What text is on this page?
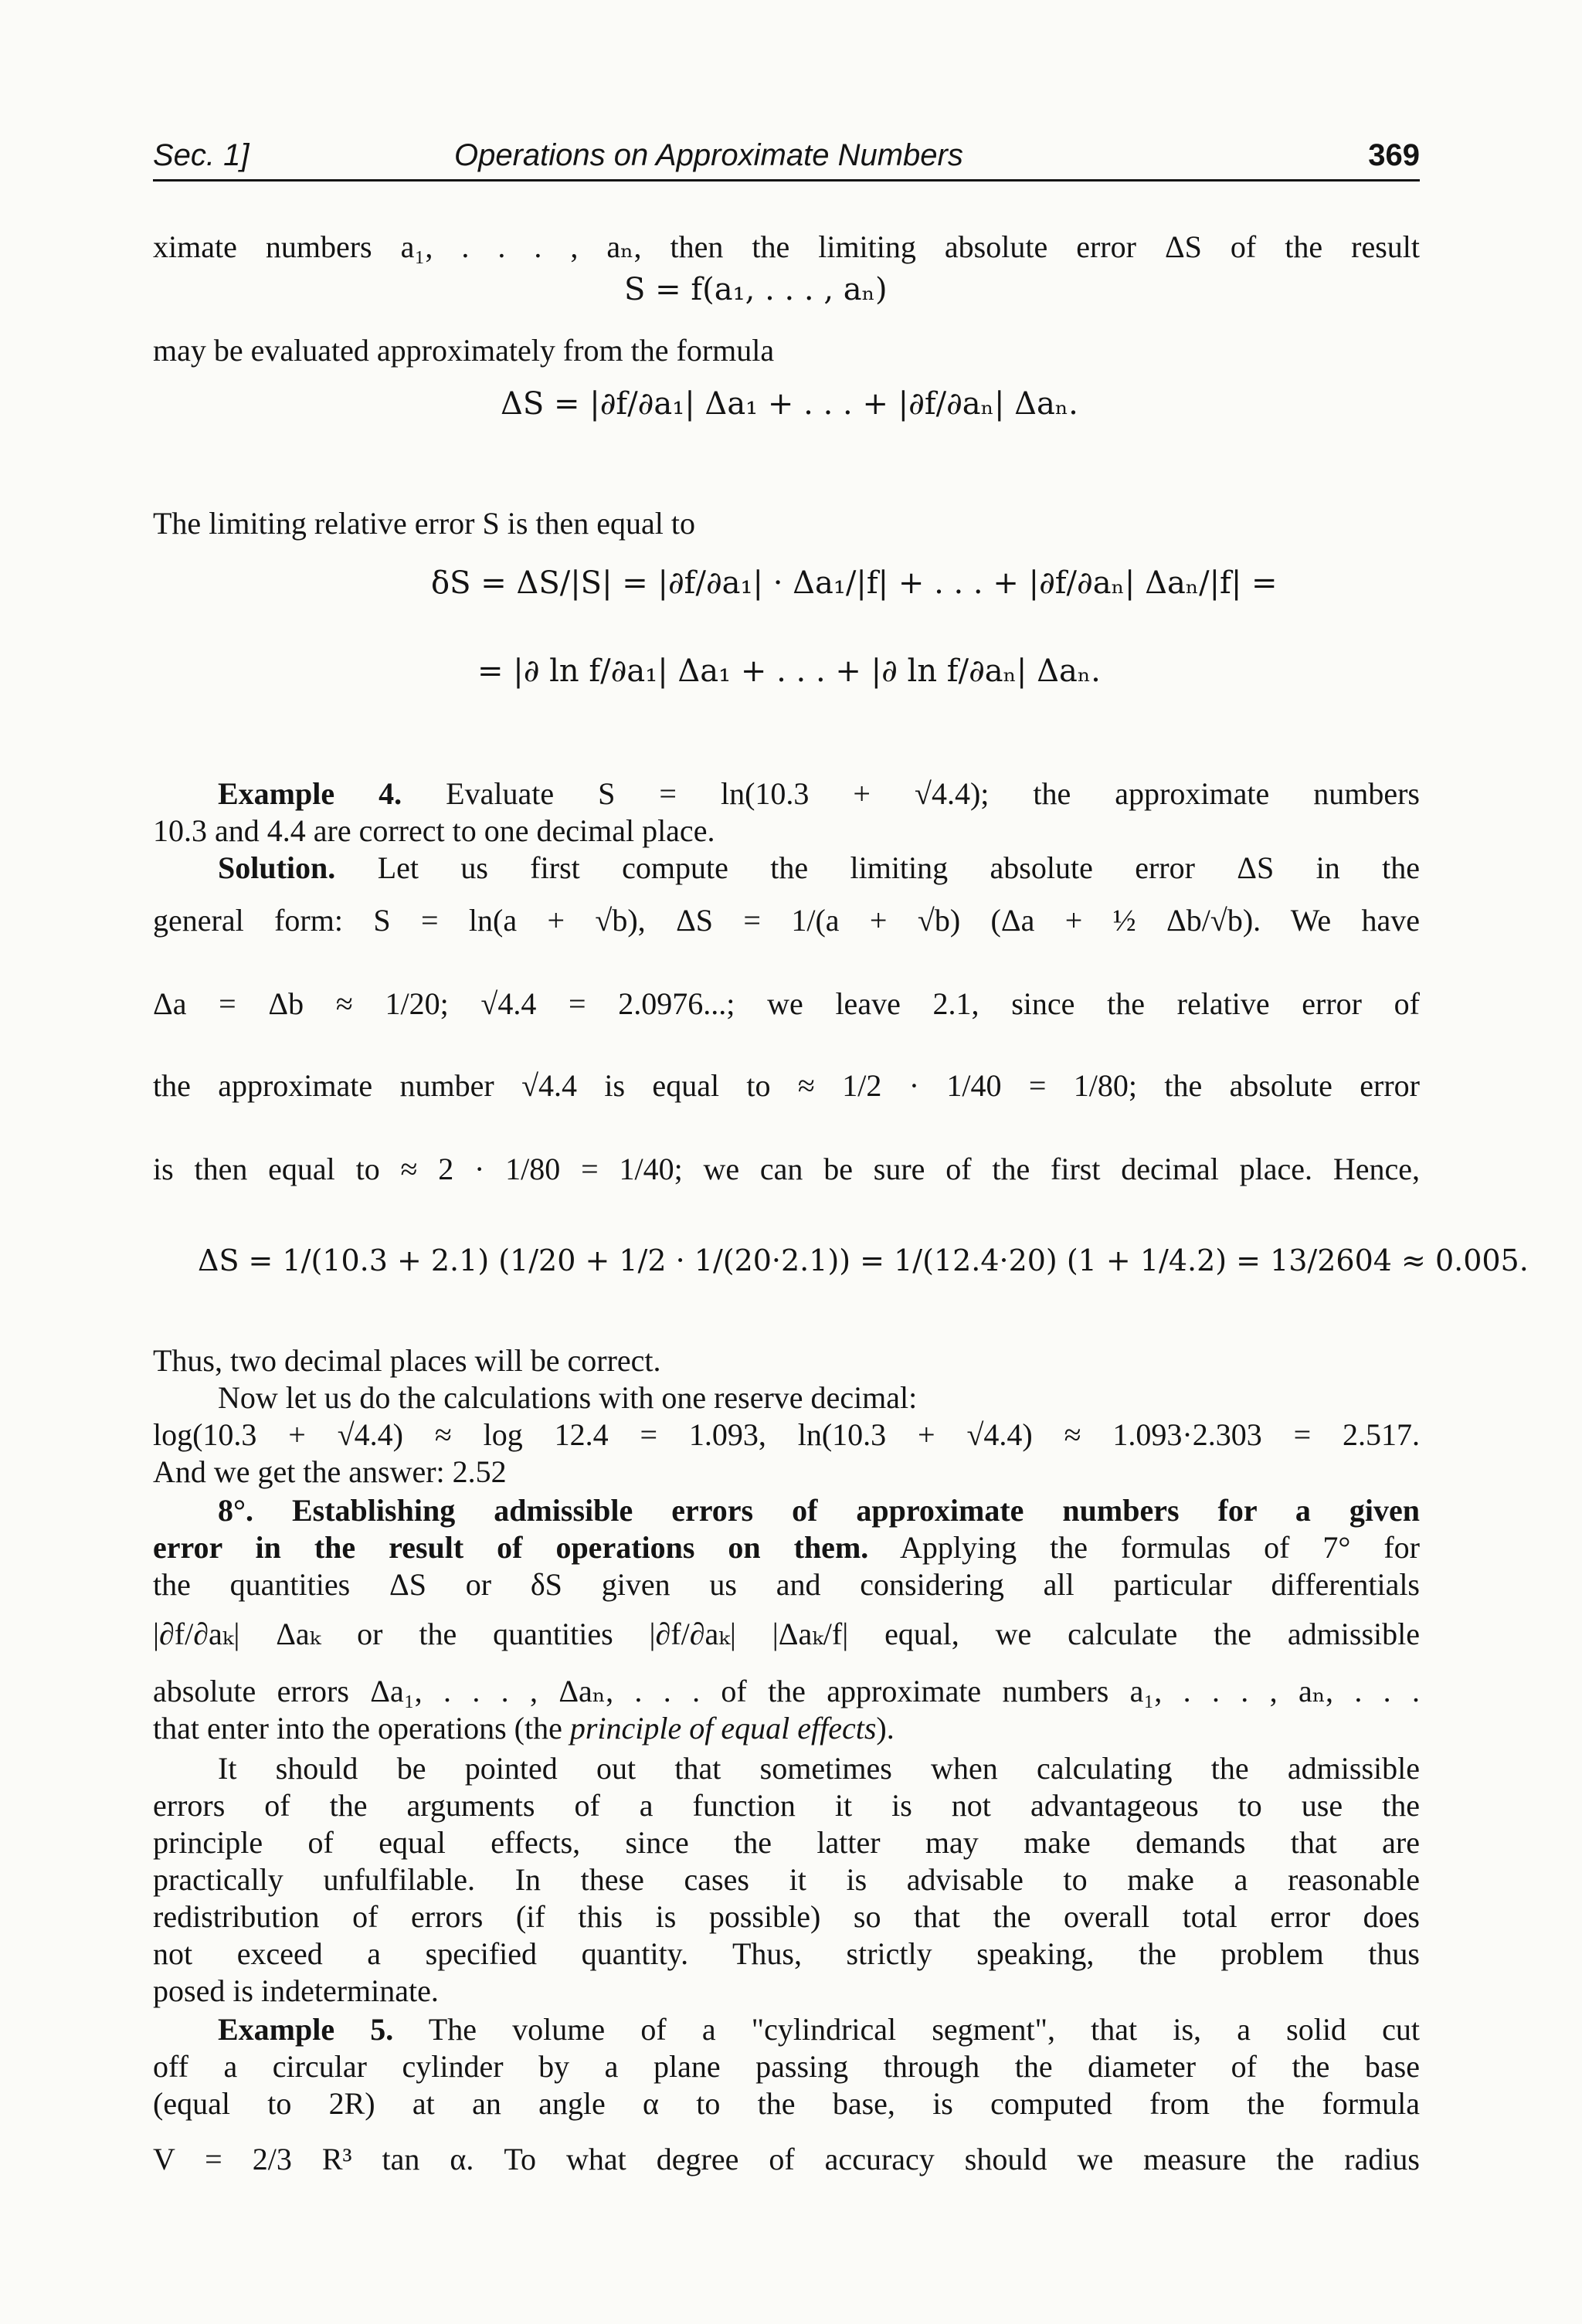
Sec. 1]	Operations on Approximate Numbers	369
ximate numbers a₁, . . . , aₙ, then the limiting absolute error ΔS of the result
S = f(a₁, . . . , aₙ)
may be evaluated approximately from the formula
ΔS = |∂f/∂a₁| Δa₁ + . . . + |∂f/∂aₙ| Δaₙ.
The limiting relative error S is then equal to
δS = ΔS/|S| = |∂f/∂a₁| · Δa₁/|f| + . . . + |∂f/∂aₙ| Δaₙ/|f| =
= |∂ ln f/∂a₁| Δa₁ + . . . + |∂ ln f/∂aₙ| Δaₙ.
Example 4. Evaluate S = ln(10.3 + √4.4); the approximate numbers
10.3 and 4.4 are correct to one decimal place.
Solution. Let us first compute the limiting absolute error ΔS in the
general form: S = ln(a + √b), ΔS = 1/(a + √b) (Δa + ½ Δb/√b). We have
Δa = Δb ≈ 1/20; √4.4 = 2.0976...; we leave 2.1, since the relative error of
the approximate number √4.4 is equal to ≈ 1/2 · 1/40 = 1/80; the absolute error
is then equal to ≈ 2 · 1/80 = 1/40; we can be sure of the first decimal place. Hence,
ΔS = 1/(10.3 + 2.1) (1/20 + 1/2 · 1/(20·2.1)) = 1/(12.4·20) (1 + 1/4.2) = 13/2604 ≈ 0.005.
Thus, two decimal places will be correct.
Now let us do the calculations with one reserve decimal:
log(10.3 + √4.4) ≈ log 12.4 = 1.093, ln(10.3 + √4.4) ≈ 1.093·2.303 = 2.517.
And we get the answer: 2.52
8°. Establishing admissible errors of approximate numbers for a given
error in the result of operations on them. Applying the formulas of 7° for
the quantities ΔS or δS given us and considering all particular differentials
|∂f/∂aₖ| Δaₖ or the quantities |∂f/∂aₖ| |Δaₖ/f| equal, we calculate the admissible
absolute errors Δa₁, . . . , Δaₙ, . . . of the approximate numbers a₁, . . . , aₙ, . . .
that enter into the operations (the principle of equal effects).
It should be pointed out that sometimes when calculating the admissible
errors of the arguments of a function it is not advantageous to use the
principle of equal effects, since the latter may make demands that are
practically unfulfilable. In these cases it is advisable to make a reasonable
redistribution of errors (if this is possible) so that the overall total error does
not exceed a specified quantity. Thus, strictly speaking, the problem thus
posed is indeterminate.
Example 5. The volume of a "cylindrical segment", that is, a solid cut
off a circular cylinder by a plane passing through the diameter of the base
(equal to 2R) at an angle α to the base, is computed from the formula
V = 2/3 R³ tan α. To what degree of accuracy should we measure the radius
